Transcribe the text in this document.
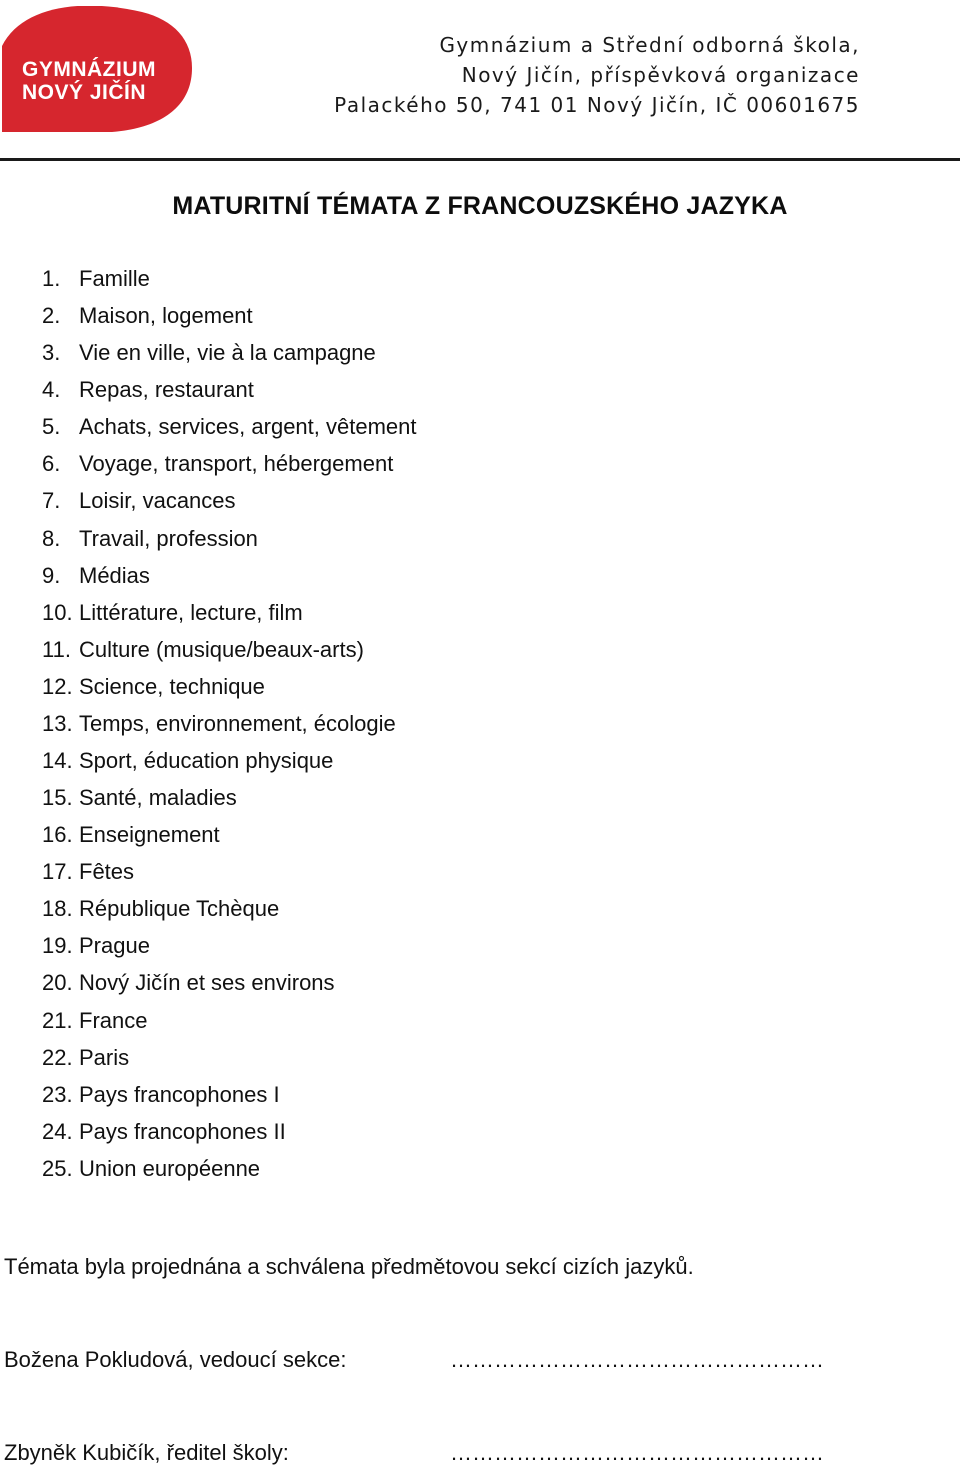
GYMNÁZIUM
NOVÝ JIČÍN
Gymnázium a Střední odborná škola,
Nový Jičín, příspěvková organizace
Palackého 50, 741 01 Nový Jičín, IČ 00601675
MATURITNÍ TÉMATA Z FRANCOUZSKÉHO JAZYKA
1. Famille
2. Maison, logement
3. Vie en ville, vie à la campagne
4. Repas, restaurant
5. Achats, services, argent, vêtement
6. Voyage, transport, hébergement
7. Loisir, vacances
8. Travail, profession
9. Médias
10. Littérature, lecture, film
11. Culture (musique/beaux-arts)
12. Science, technique
13. Temps, environnement, écologie
14. Sport, éducation physique
15. Santé, maladies
16. Enseignement
17. Fêtes
18. République Tchèque
19. Prague
20. Nový Jičín et ses environs
21. France
22. Paris
23. Pays francophones I
24. Pays francophones II
25. Union européenne
Témata byla projednána a schválena předmětovou sekcí cizích jazyků.
Božena Pokludová, vedoucí sekce:	……………………………………………
Zbyněk Kubičík, ředitel školy:	……………………………………………
